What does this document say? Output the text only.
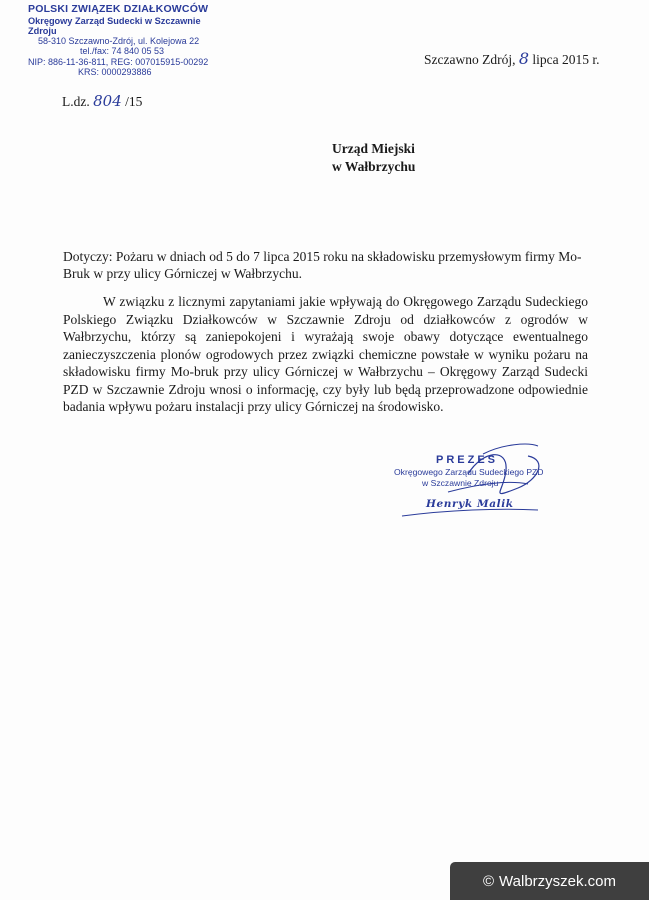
POLSKI ZWIĄZEK DZIAŁKOWCÓW
Okręgowy Zarząd Sudecki w Szczawnie Zdroju
58-310 Szczawno-Zdrój, ul. Kolejowa 22
tel./fax: 74 840 05 53
NIP: 886-11-36-811, REG: 007015915-00292
KRS: 0000293886
Szczawno Zdrój, 8 lipca 2015 r.
L.dz. 804 /15
Urząd Miejski
w Wałbrzychu
Dotyczy: Pożaru w dniach od 5 do 7 lipca 2015 roku na składowisku przemysłowym firmy Mo-Bruk w przy ulicy Górniczej w Wałbrzychu.

W związku z licznymi zapytaniami jakie wpływają do Okręgowego Zarządu Sudeckiego Polskiego Związku Działkowców w Szczawnie Zdroju od działkowców z ogrodów w Wałbrzychu, którzy są zaniepokojeni i wyrażają swoje obawy dotyczące ewentualnego zanieczyszczenia plonów ogrodowych przez związki chemiczne powstałe w wyniku pożaru na składowisku firmy Mo-bruk przy ulicy Górniczej w Wałbrzychu – Okręgowy Zarząd Sudecki PZD w Szczawnie Zdroju wnosi o informację, czy były lub będą przeprowadzone odpowiednie badania wpływu pożaru instalacji przy ulicy Górniczej na środowisko.

PREZES
Okręgowego Zarządu Sudeckiego PZD
w Szczawnie Zdroju
Henryk Malik
© Walbrzyszek.com
